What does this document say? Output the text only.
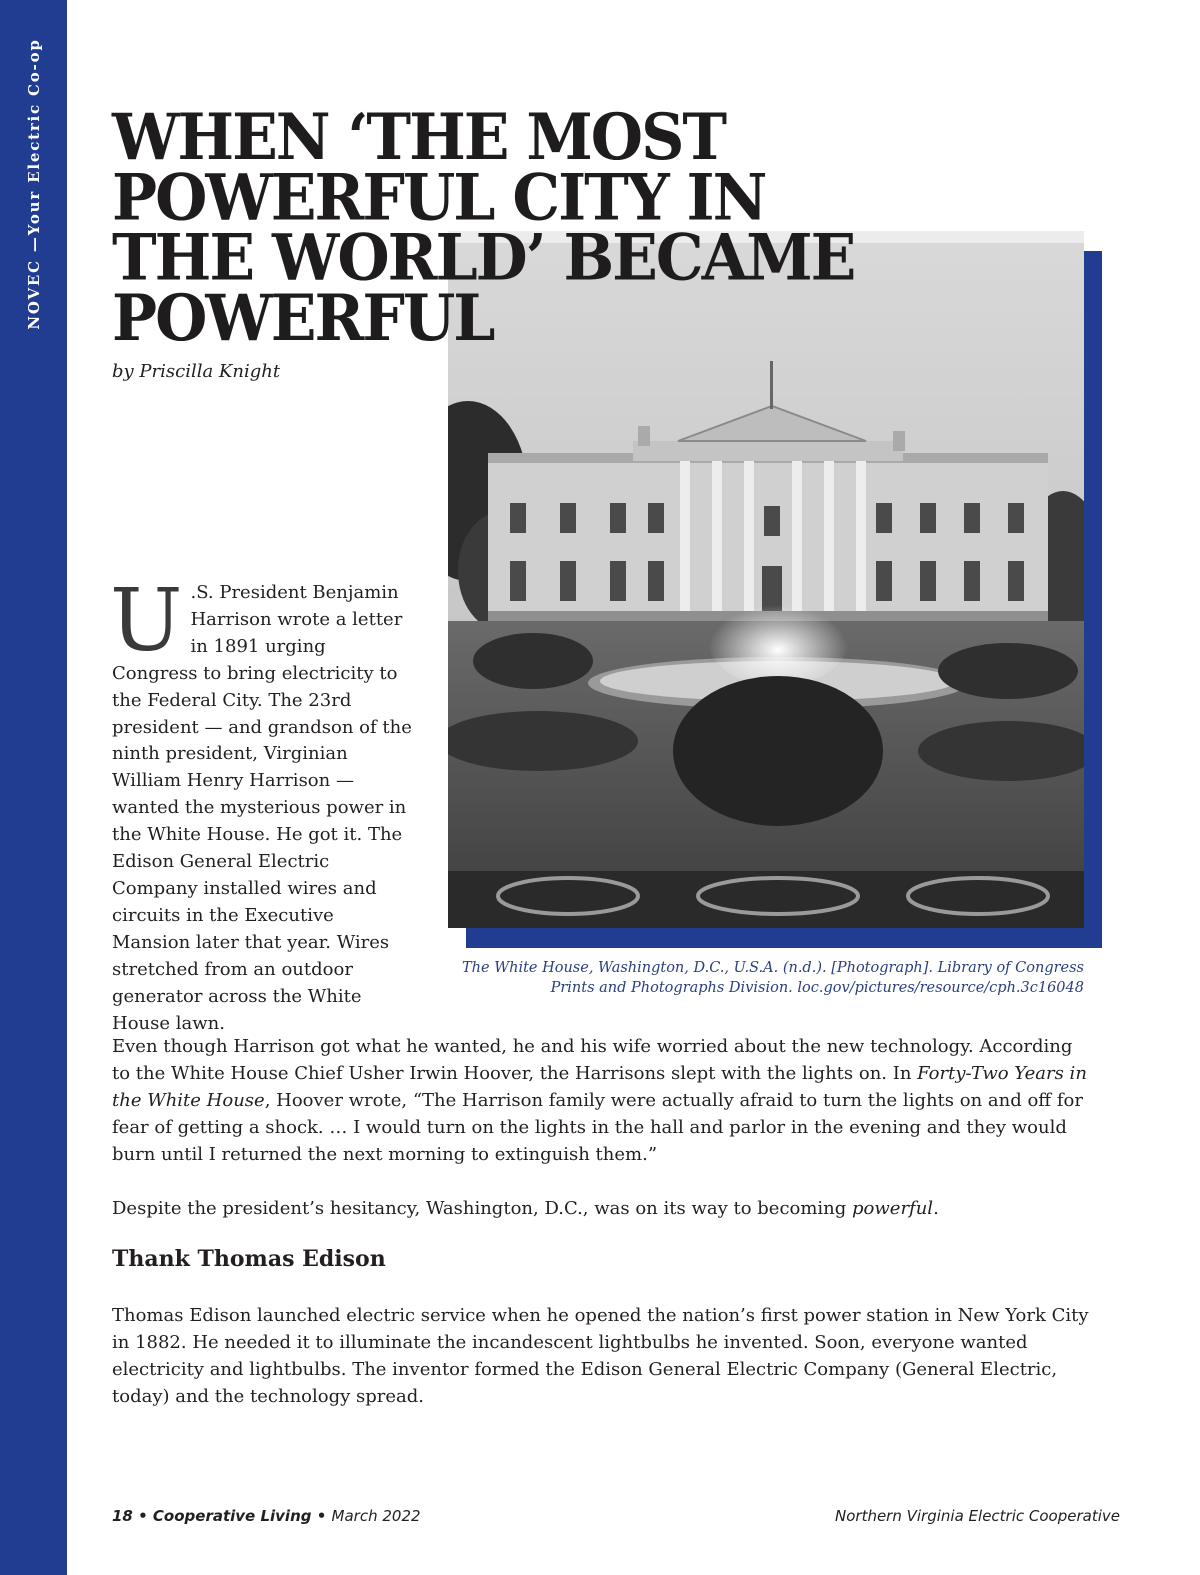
NOVEC —Your Electric Co-op WHEN ‘THE MOST
POWERFUL CITY IN
THE WORLD’ BECAME
POWERFUL

by Priscilla Knight

The White House, Washington, D.C., U.S.A. (n.d.). [Photograph]. Library of Congress
Prints and Photographs Division. loc.gov/pictures/resource/cph.3c16048

U .S. President Benjamin Harrison wrote a letter in 1891 urging Congress to bring electricity to the Federal City. The 23rd president — and grandson of the ninth president, Virginian William Henry Harrison — wanted the mysterious power in the White House. He got it. The Edison General Electric Company installed wires and circuits in the Executive Mansion later that year. Wires stretched from an outdoor generator across the White House lawn.

Even though Harrison got what he wanted, he and his wife worried about the new technology. According to the White House Chief Usher Irwin Hoover, the Harrisons slept with the lights on. In Forty-Two Years in the White House, Hoover wrote, “The Harrison family were actually afraid to turn the lights on and off for fear of getting a shock. … I would turn on the lights in the hall and parlor in the evening and they would burn until I returned the next morning to extinguish them.”

Despite the president’s hesitancy, Washington, D.C., was on its way to becoming powerful.

Thank Thomas Edison

Thomas Edison launched electric service when he opened the nation’s first power station in New York City in 1882. He needed it to illuminate the incandescent lightbulbs he invented. Soon, everyone wanted electricity and lightbulbs. The inventor formed the Edison General Electric Company (General Electric, today) and the technology spread.

18 • Cooperative Living • March 2022	Northern Virginia Electric Cooperative
